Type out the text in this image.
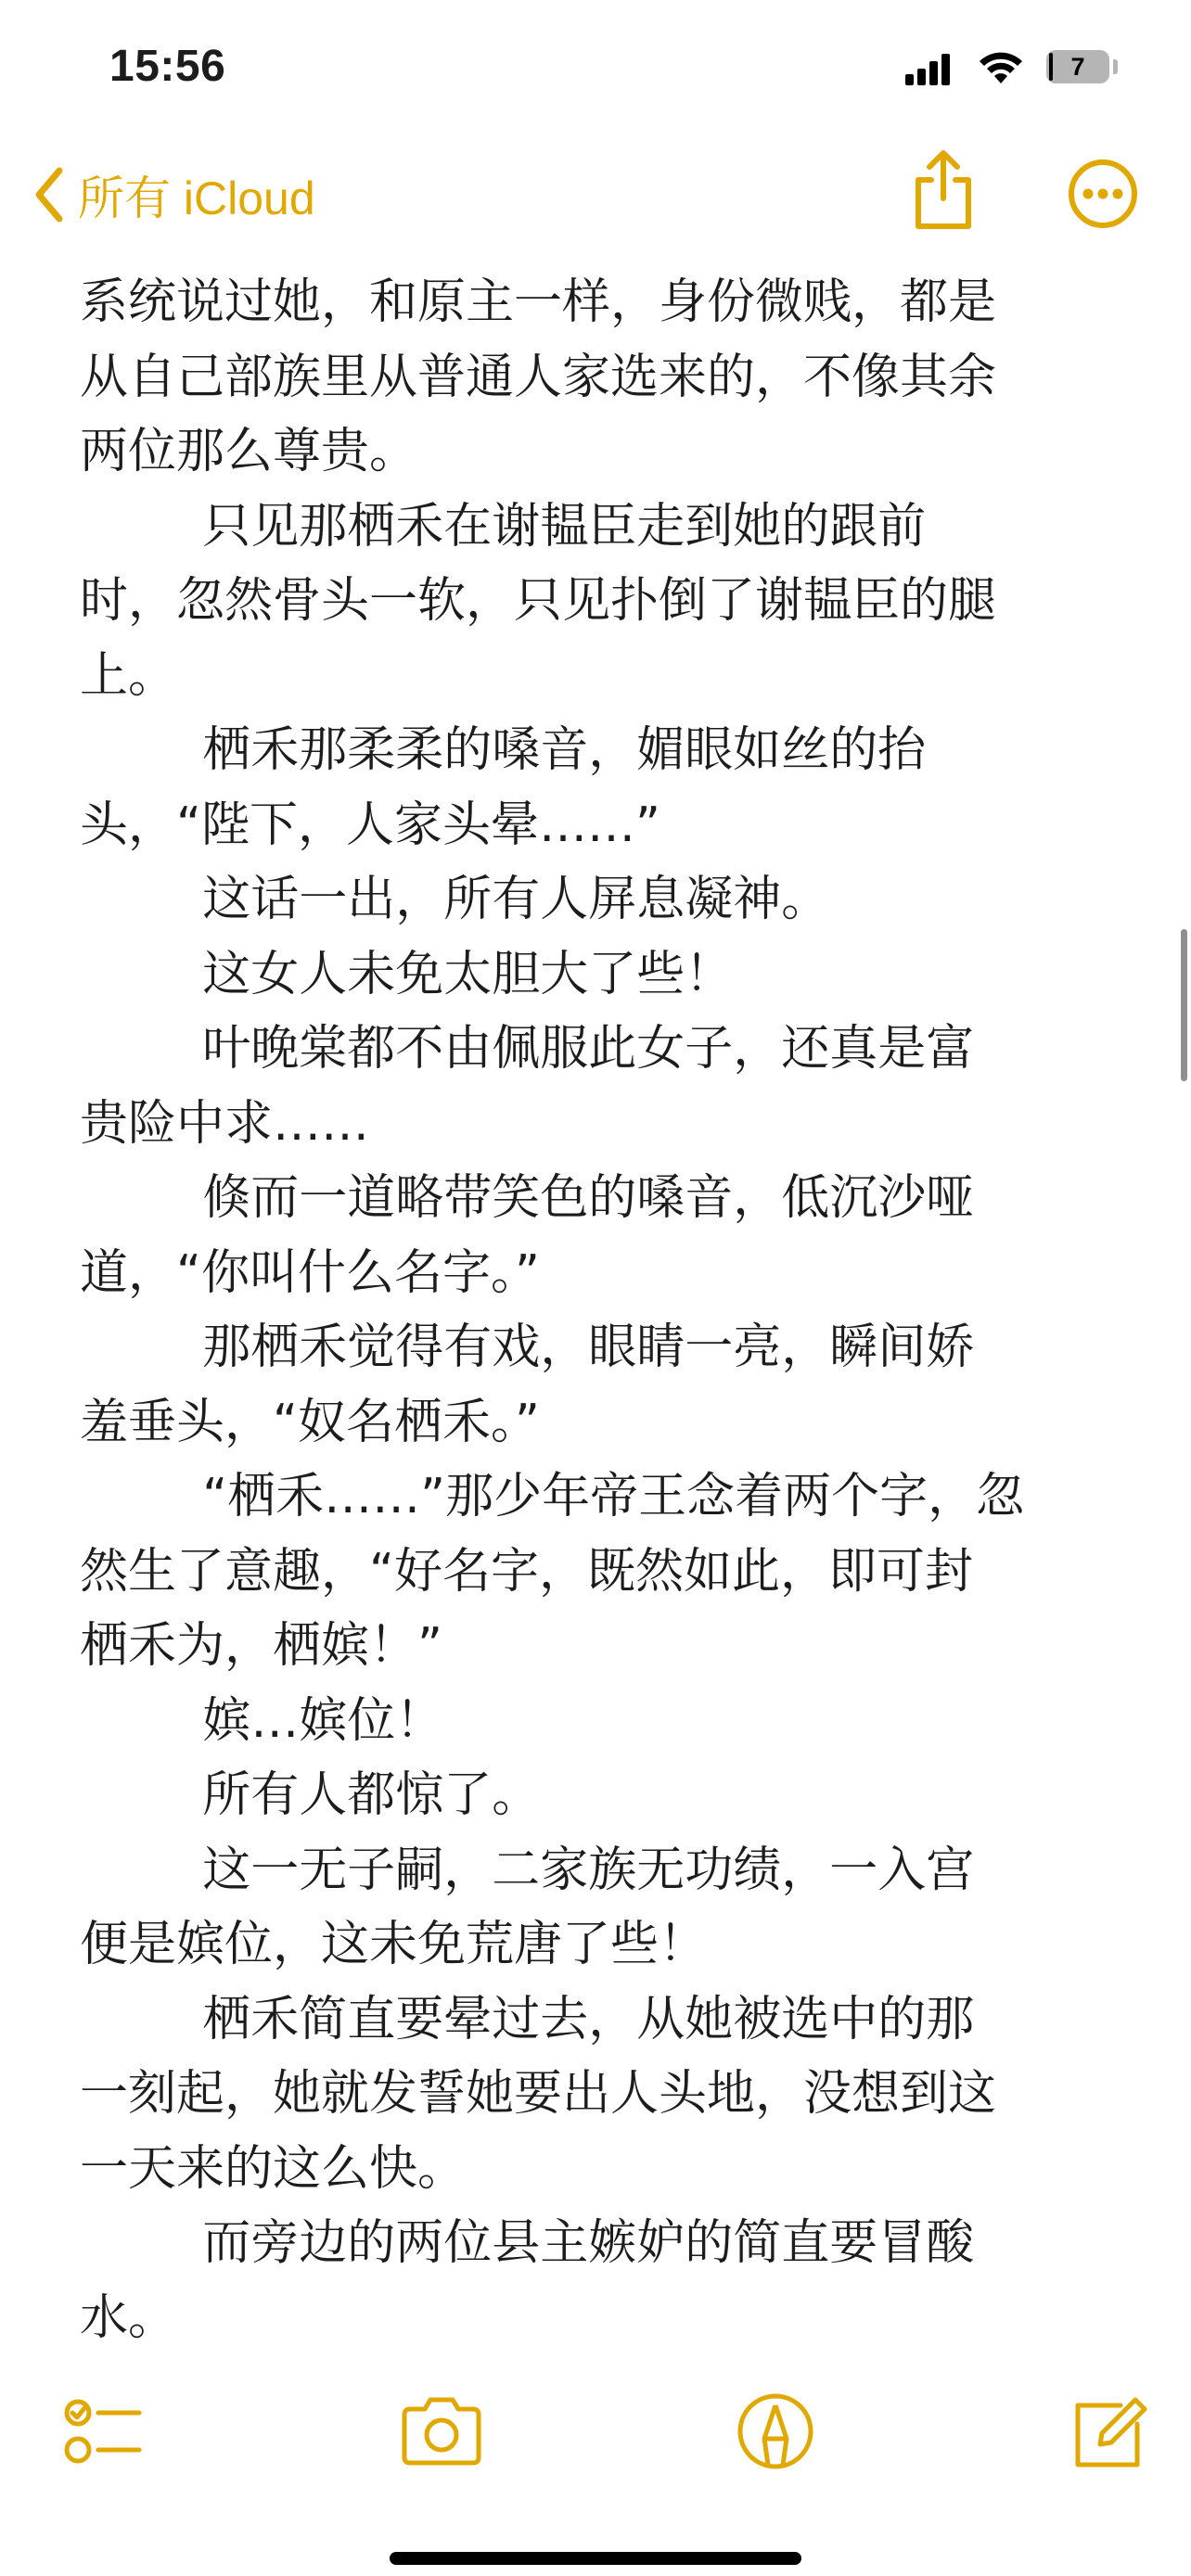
15:56	7
所有 iCloud
系统说过她，和原主一样，身份微贱，都是
从自己部族里从普通人家选来的，不像其余
两位那么尊贵。
只见那栖禾在谢韫臣走到她的跟前
时，忽然骨头一软，只见扑倒了谢韫臣的腿
上。
栖禾那柔柔的嗓音，媚眼如丝的抬
头，“陛下，人家头晕……”
这话一出，所有人屏息凝神。
这女人未免太胆大了些！
叶晚棠都不由佩服此女子，还真是富
贵险中求……
倏而一道略带笑色的嗓音，低沉沙哑
道，“你叫什么名字。”
那栖禾觉得有戏，眼睛一亮，瞬间娇
羞垂头，“奴名栖禾。”
“栖禾……”那少年帝王念着两个字，忽
然生了意趣，“好名字，既然如此，即可封
栖禾为，栖嫔！”
嫔…嫔位！
所有人都惊了。
这一无子嗣，二家族无功绩，一入宫
便是嫔位，这未免荒唐了些！
栖禾简直要晕过去，从她被选中的那
一刻起，她就发誓她要出人头地，没想到这
一天来的这么快。
而旁边的两位县主嫉妒的简直要冒酸
水。
